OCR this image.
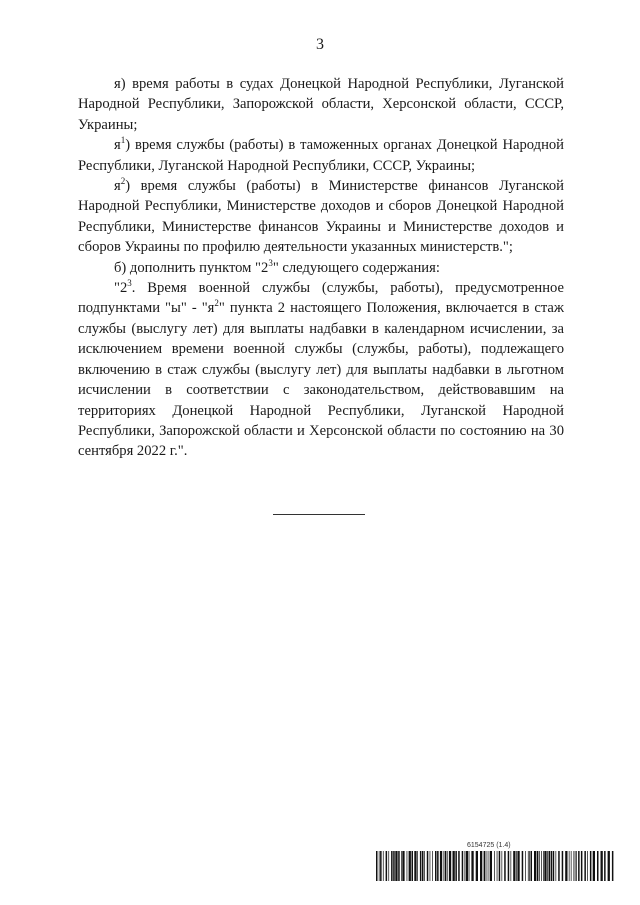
3

я) время работы в судах Донецкой Народной Республики, Луганской Народной Республики, Запорожской области, Херсонской области, СССР, Украины;

$я^1$) время службы (работы) в таможенных органах Донецкой Народной Республики, Луганской Народной Республики, СССР, Украины;

$я^2$) время службы (работы) в Министерстве финансов Луганской Народной Республики, Министерстве доходов и сборов Донецкой Народной Республики, Министерстве финансов Украины и Министерстве доходов и сборов Украины по профилю деятельности указанных министерств.";

б) дополнить пунктом "$2^3$" следующего содержания:

"$2^3$. Время военной службы (службы, работы), предусмотренное подпунктами "ы" - "$я^2$" пункта 2 настоящего Положения, включается в стаж службы (выслугу лет) для выплаты надбавки в календарном исчислении, за исключением времени военной службы (службы, работы), подлежащего включению в стаж службы (выслугу лет) для выплаты надбавки в льготном исчислении в соответствии с законодательством, действовавшим на территориях Донецкой Народной Республики, Луганской Народной Республики, Запорожской области и Херсонской области по состоянию на 30 сентября 2022 г.".

6154725 (1.4)
